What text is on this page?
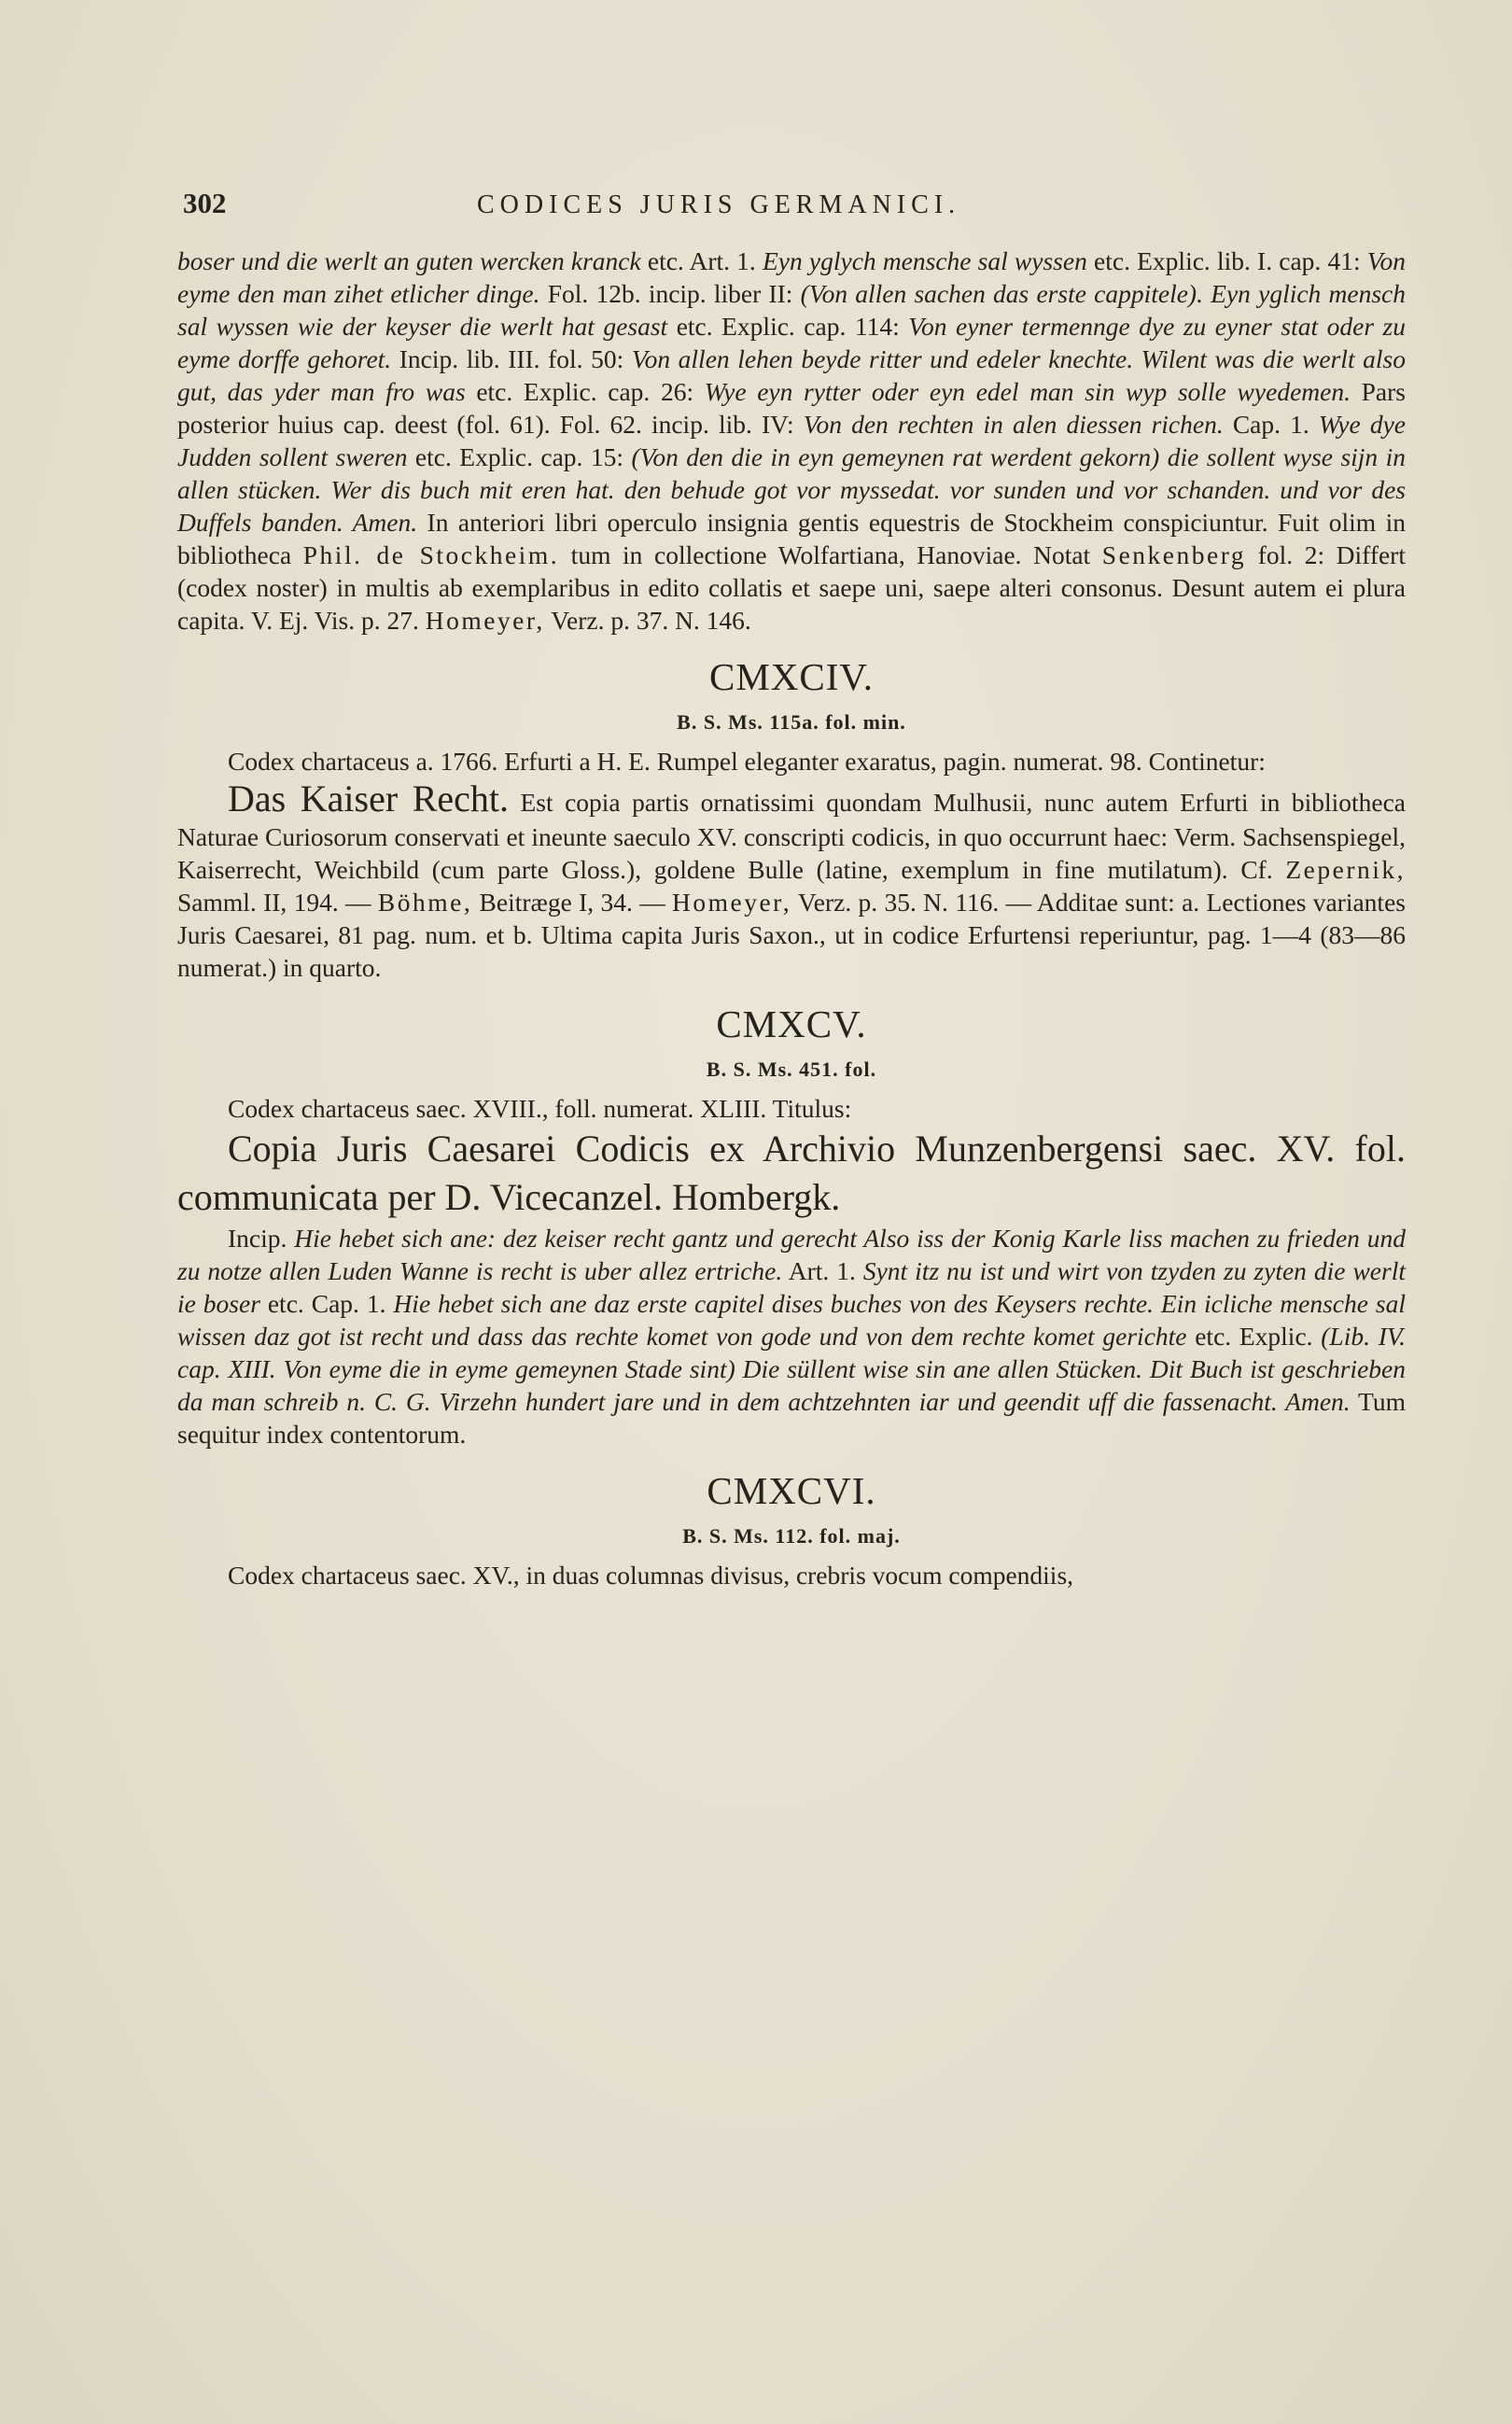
302	CODICES JURIS GERMANICI.

boser und die werlt an guten wercken kranck etc. Art. 1. Eyn yglych mensche sal wyssen etc. Explic. lib. I. cap. 41: Von eyme den man zihet etlicher dinge. Fol. 12b. incip. liber II: (Von allen sachen das erste cappitele). Eyn yglich mensch sal wyssen wie der keyser die werlt hat gesast etc. Explic. cap. 114: Von eyner termennge dye zu eyner stat oder zu eyme dorffe gehoret. Incip. lib. III. fol. 50: Von allen lehen beyde ritter und edeler knechte. Wilent was die werlt also gut, das yder man fro was etc. Explic. cap. 26: Wye eyn rytter oder eyn edel man sin wyp solle wyedemen. Pars posterior huius cap. deest (fol. 61). Fol. 62. incip. lib. IV: Von den rechten in alen diessen richen. Cap. 1. Wye dye Judden sollent sweren etc. Explic. cap. 15: (Von den die in eyn gemeynen rat werdent gekorn) die sollent wyse sijn in allen stücken. Wer dis buch mit eren hat. den behude got vor myssedat. vor sunden und vor schanden. und vor des Duffels banden. Amen. In anteriori libri operculo insignia gentis equestris de Stockheim conspiciuntur. Fuit olim in bibliotheca Phil. de Stockheim. tum in collectione Wolfartiana, Hanoviae. Notat Senkenberg fol. 2: Differt (codex noster) in multis ab exemplaribus in edito collatis et saepe uni, saepe alteri consonus. Desunt autem ei plura capita. V. Ej. Vis. p. 27. Homeyer, Verz. p. 37. N. 146.

CMXCIV.
B. S. Ms. 115a. fol. min.

Codex chartaceus a. 1766. Erfurti a H. E. Rumpel eleganter exaratus, pagin. numerat. 98. Continetur:

Das Kaiser Recht. Est copia partis ornatissimi quondam Mulhusii, nunc autem Erfurti in bibliotheca Naturae Curiosorum conservati et ineunte saeculo XV. conscripti codicis, in quo occurrunt haec: Verm. Sachsenspiegel, Kaiserrecht, Weichbild (cum parte Gloss.), goldene Bulle (latine, exemplum in fine mutilatum). Cf. Zepernik, Samml. II, 194. — Böhme, Beitræge I, 34. — Homeyer, Verz. p. 35. N. 116. — Additae sunt: a. Lectiones variantes Juris Caesarei, 81 pag. num. et b. Ultima capita Juris Saxon., ut in codice Erfurtensi reperiuntur, pag. 1—4 (83—86 numerat.) in quarto.

CMXCV.
B. S. Ms. 451. fol.

Codex chartaceus saec. XVIII., foll. numerat. XLIII. Titulus:

Copia Juris Caesarei Codicis ex Archivio Munzenbergensi saec. XV. fol. communicata per D. Vicecanzel. Hombergk.

Incip. Hie hebet sich ane: dez keiser recht gantz und gerecht Also iss der Konig Karle liss machen zu frieden und zu notze allen Luden Wanne is recht is uber allez ertriche. Art. 1. Synt itz nu ist und wirt von tzyden zu zyten die werlt ie boser etc. Cap. 1. Hie hebet sich ane daz erste capitel dises buches von des Keysers rechte. Ein icliche mensche sal wissen daz got ist recht und dass das rechte komet von gode und von dem rechte komet gerichte etc. Explic. (Lib. IV. cap. XIII. Von eyme die in eyme gemeynen Stade sint) Die süllent wise sin ane allen Stücken. Dit Buch ist geschrieben da man schreib n. C. G. Virzehn hundert jare und in dem achtzehnten iar und geendit uff die fassenacht. Amen. Tum sequitur index contentorum.

CMXCVI.
B. S. Ms. 112. fol. maj.

Codex chartaceus saec. XV., in duas columnas divisus, crebris vocum compendiis,
